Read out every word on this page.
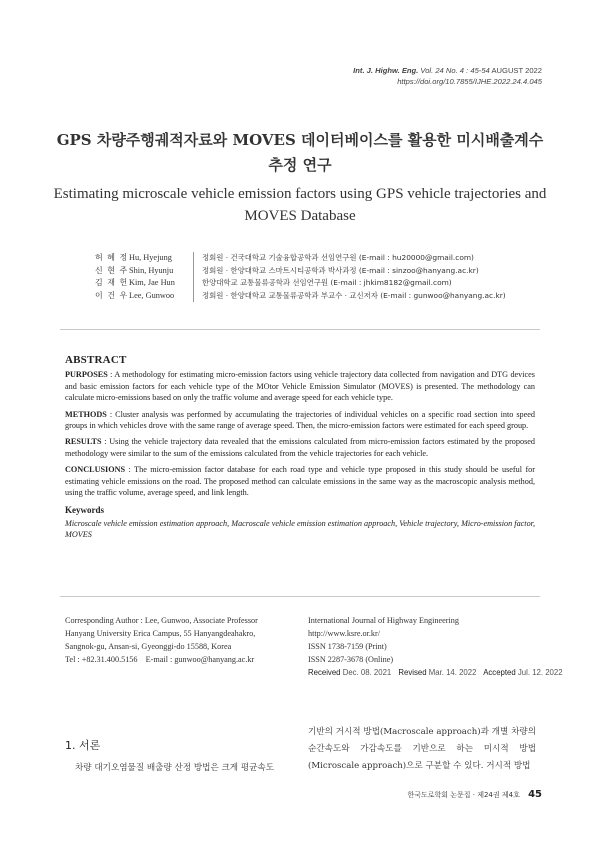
Int. J. Highw. Eng. Vol. 24 No. 4 : 45-54 AUGUST 2022
https://doi.org/10.7855/IJHE.2022.24.4.045
GPS 차량주행궤적자료와 MOVES 데이터베이스를 활용한 미시배출계수
추정 연구
Estimating microscale vehicle emission factors using GPS vehicle trajectories and
MOVES Database
허 혜 정 Hu, Hyejung	정회원 · 건국대학교 기술융합공학과 선임연구원 (E-mail : hu20000@gmail.com)
신 현 주 Shin, Hyunju	정회원 · 한양대학교 스마트시티공학과 박사과정 (E-mail : sinzoo@hanyang.ac.kr)
김 재 헌 Kim, Jae Hun	한양대학교 교통물류공학과 선임연구원 (E-mail : jhkim8182@gmail.com)
이 건 우 Lee, Gunwoo	정회원 · 한양대학교 교통물류공학과 부교수 · 교신저자 (E-mail : gunwoo@hanyang.ac.kr)
ABSTRACT

PURPOSES : A methodology for estimating micro-emission factors using vehicle trajectory data collected from navigation and DTG devices and basic emission factors for each vehicle type of the MOtor Vehicle Emission Simulator (MOVES) is presented. The methodology can calculate micro-emissions based on only the traffic volume and average speed for each vehicle type.

METHODS : Cluster analysis was performed by accumulating the trajectories of individual vehicles on a specific road section into speed groups in which vehicles drove with the same range of average speed. Then, the micro-emission factors were estimated for each speed group.

RESULTS : Using the vehicle trajectory data revealed that the emissions calculated from micro-emission factors estimated by the proposed methodology were similar to the sum of the emissions calculated from the vehicle trajectories for each vehicle.

CONCLUSIONS : The micro-emission factor database for each road type and vehicle type proposed in this study should be useful for estimating vehicle emissions on the road. The proposed method can calculate emissions in the same way as the macroscopic analysis method, using the traffic volume, average speed, and link length.

Keywords

Microscale vehicle emission estimation approach, Macroscale vehicle emission estimation approach, Vehicle trajectory, Micro-emission factor, MOVES

Corresponding Author : Lee, Gunwoo, Associate Professor
Hanyang University Erica Campus, 55 Hanyangdeahakro,
Sangnok-gu, Ansan-si, Gyeonggi-do 15588, Korea
Tel : +82.31.400.5156    E-mail : gunwoo@hanyang.ac.kr
International Journal of Highway Engineering
http://www.ksre.or.kr/
ISSN 1738-7159 (Print)
ISSN 2287-3678 (Online)
Received Dec. 08. 2021 Revised Mar. 14. 2022 Accepted Jul. 12. 2022
1. 서론
차량 대기오염물질 배출량 산정 방법은 크게 평균속도
기반의 거시적 방법(Macroscale approach)과 개별 차량의 순간속도와 가감속도를 기반으로 하는 미시적 방법(Microscale approach)으로 구분할 수 있다. 거시적 방법
한국도로학회 논문집 · 제24권 제4호 45
